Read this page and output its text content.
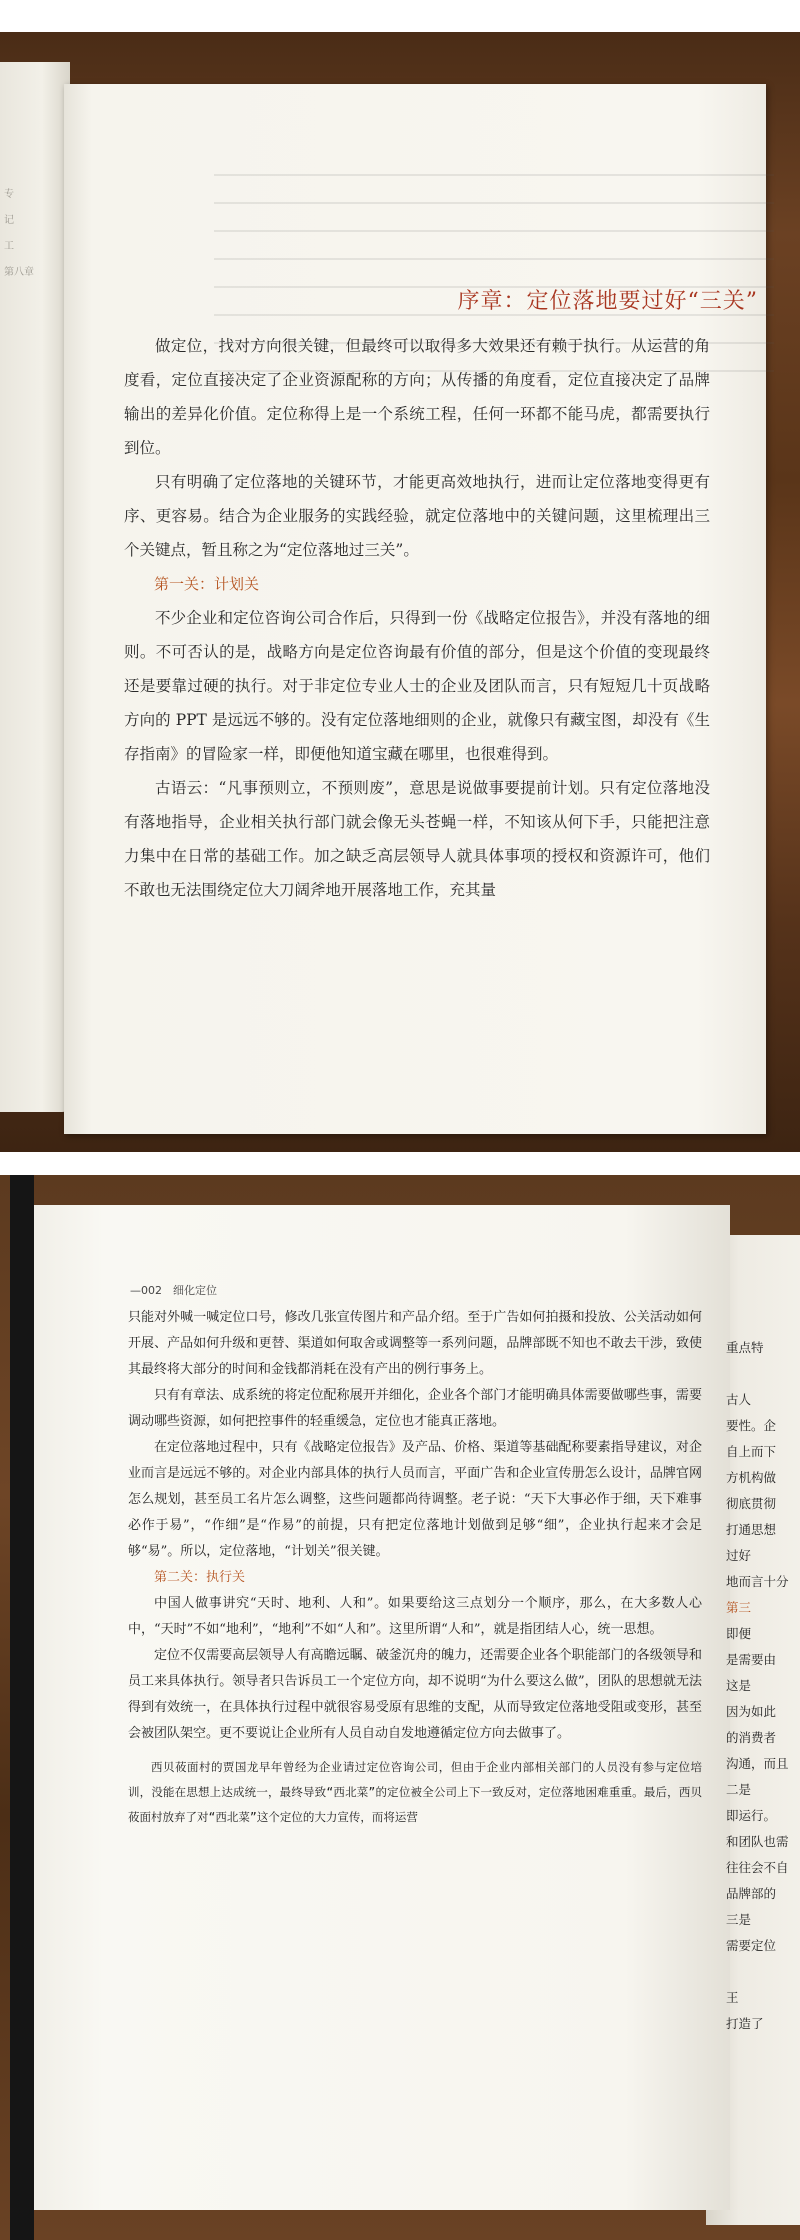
专
记
工
第八章
序章：定位落地要过好“三关”

做定位，找对方向很关键，但最终可以取得多大效果还有赖于执行。从运营的角度看，定位直接决定了企业资源配称的方向；从传播的角度看，定位直接决定了品牌输出的差异化价值。定位称得上是一个系统工程，任何一环都不能马虎，都需要执行到位。

只有明确了定位落地的关键环节，才能更高效地执行，进而让定位落地变得更有序、更容易。结合为企业服务的实践经验，就定位落地中的关键问题，这里梳理出三个关键点，暂且称之为“定位落地过三关”。

第一关：计划关

不少企业和定位咨询公司合作后，只得到一份《战略定位报告》，并没有落地的细则。不可否认的是，战略方向是定位咨询最有价值的部分，但是这个价值的变现最终还是要靠过硬的执行。对于非定位专业人士的企业及团队而言，只有短短几十页战略方向的 PPT 是远远不够的。没有定位落地细则的企业，就像只有藏宝图，却没有《生存指南》的冒险家一样，即便他知道宝藏在哪里，也很难得到。

古语云：“凡事预则立，不预则废”，意思是说做事要提前计划。只有定位落地没有落地指导，企业相关执行部门就会像无头苍蝇一样，不知该从何下手，只能把注意力集中在日常的基础工作。加之缺乏高层领导人就具体事项的授权和资源许可，他们不敢也无法围绕定位大刀阔斧地开展落地工作，充其量

—002　细化定位

只能对外喊一喊定位口号，修改几张宣传图片和产品介绍。至于广告如何拍摄和投放、公关活动如何开展、产品如何升级和更替、渠道如何取舍或调整等一系列问题，品牌部既不知也不敢去干涉，致使其最终将大部分的时间和金钱都消耗在没有产出的例行事务上。

只有有章法、成系统的将定位配称展开并细化，企业各个部门才能明确具体需要做哪些事，需要调动哪些资源，如何把控事件的轻重缓急，定位也才能真正落地。

在定位落地过程中，只有《战略定位报告》及产品、价格、渠道等基础配称要素指导建议，对企业而言是远远不够的。对企业内部具体的执行人员而言，平面广告和企业宣传册怎么设计，品牌官网怎么规划，甚至员工名片怎么调整，这些问题都尚待调整。老子说：“天下大事必作于细，天下难事必作于易”，“作细”是“作易”的前提，只有把定位落地计划做到足够“细”，企业执行起来才会足够“易”。所以，定位落地，“计划关”很关键。

第二关：执行关

中国人做事讲究“天时、地利、人和”。如果要给这三点划分一个顺序，那么，在大多数人心中，“天时”不如“地利”，“地利”不如“人和”。这里所谓“人和”，就是指团结人心，统一思想。

定位不仅需要高层领导人有高瞻远瞩、破釜沉舟的魄力，还需要企业各个职能部门的各级领导和员工来具体执行。领导者只告诉员工一个定位方向，却不说明“为什么要这么做”，团队的思想就无法得到有效统一，在具体执行过程中就很容易受原有思维的支配，从而导致定位落地受阻或变形，甚至会被团队架空。更不要说让企业所有人员自动自发地遵循定位方向去做事了。

西贝莜面村的贾国龙早年曾经为企业请过定位咨询公司，但由于企业内部相关部门的人员没有参与定位培训，没能在思想上达成统一，最终导致“西北菜”的定位被全公司上下一致反对，定位落地困难重重。最后，西贝莜面村放弃了对“西北菜”这个定位的大力宣传，而将运营

重点特

古人
要性。企
自上而下
方机构做
彻底贯彻
打通思想
过好
地而言十分
第三
即便
是需要由
这是
因为如此
的消费者
沟通，而且
二是
即运行。
和团队也需
往往会不自
品牌部的
三是
需要定位

王
打造了
